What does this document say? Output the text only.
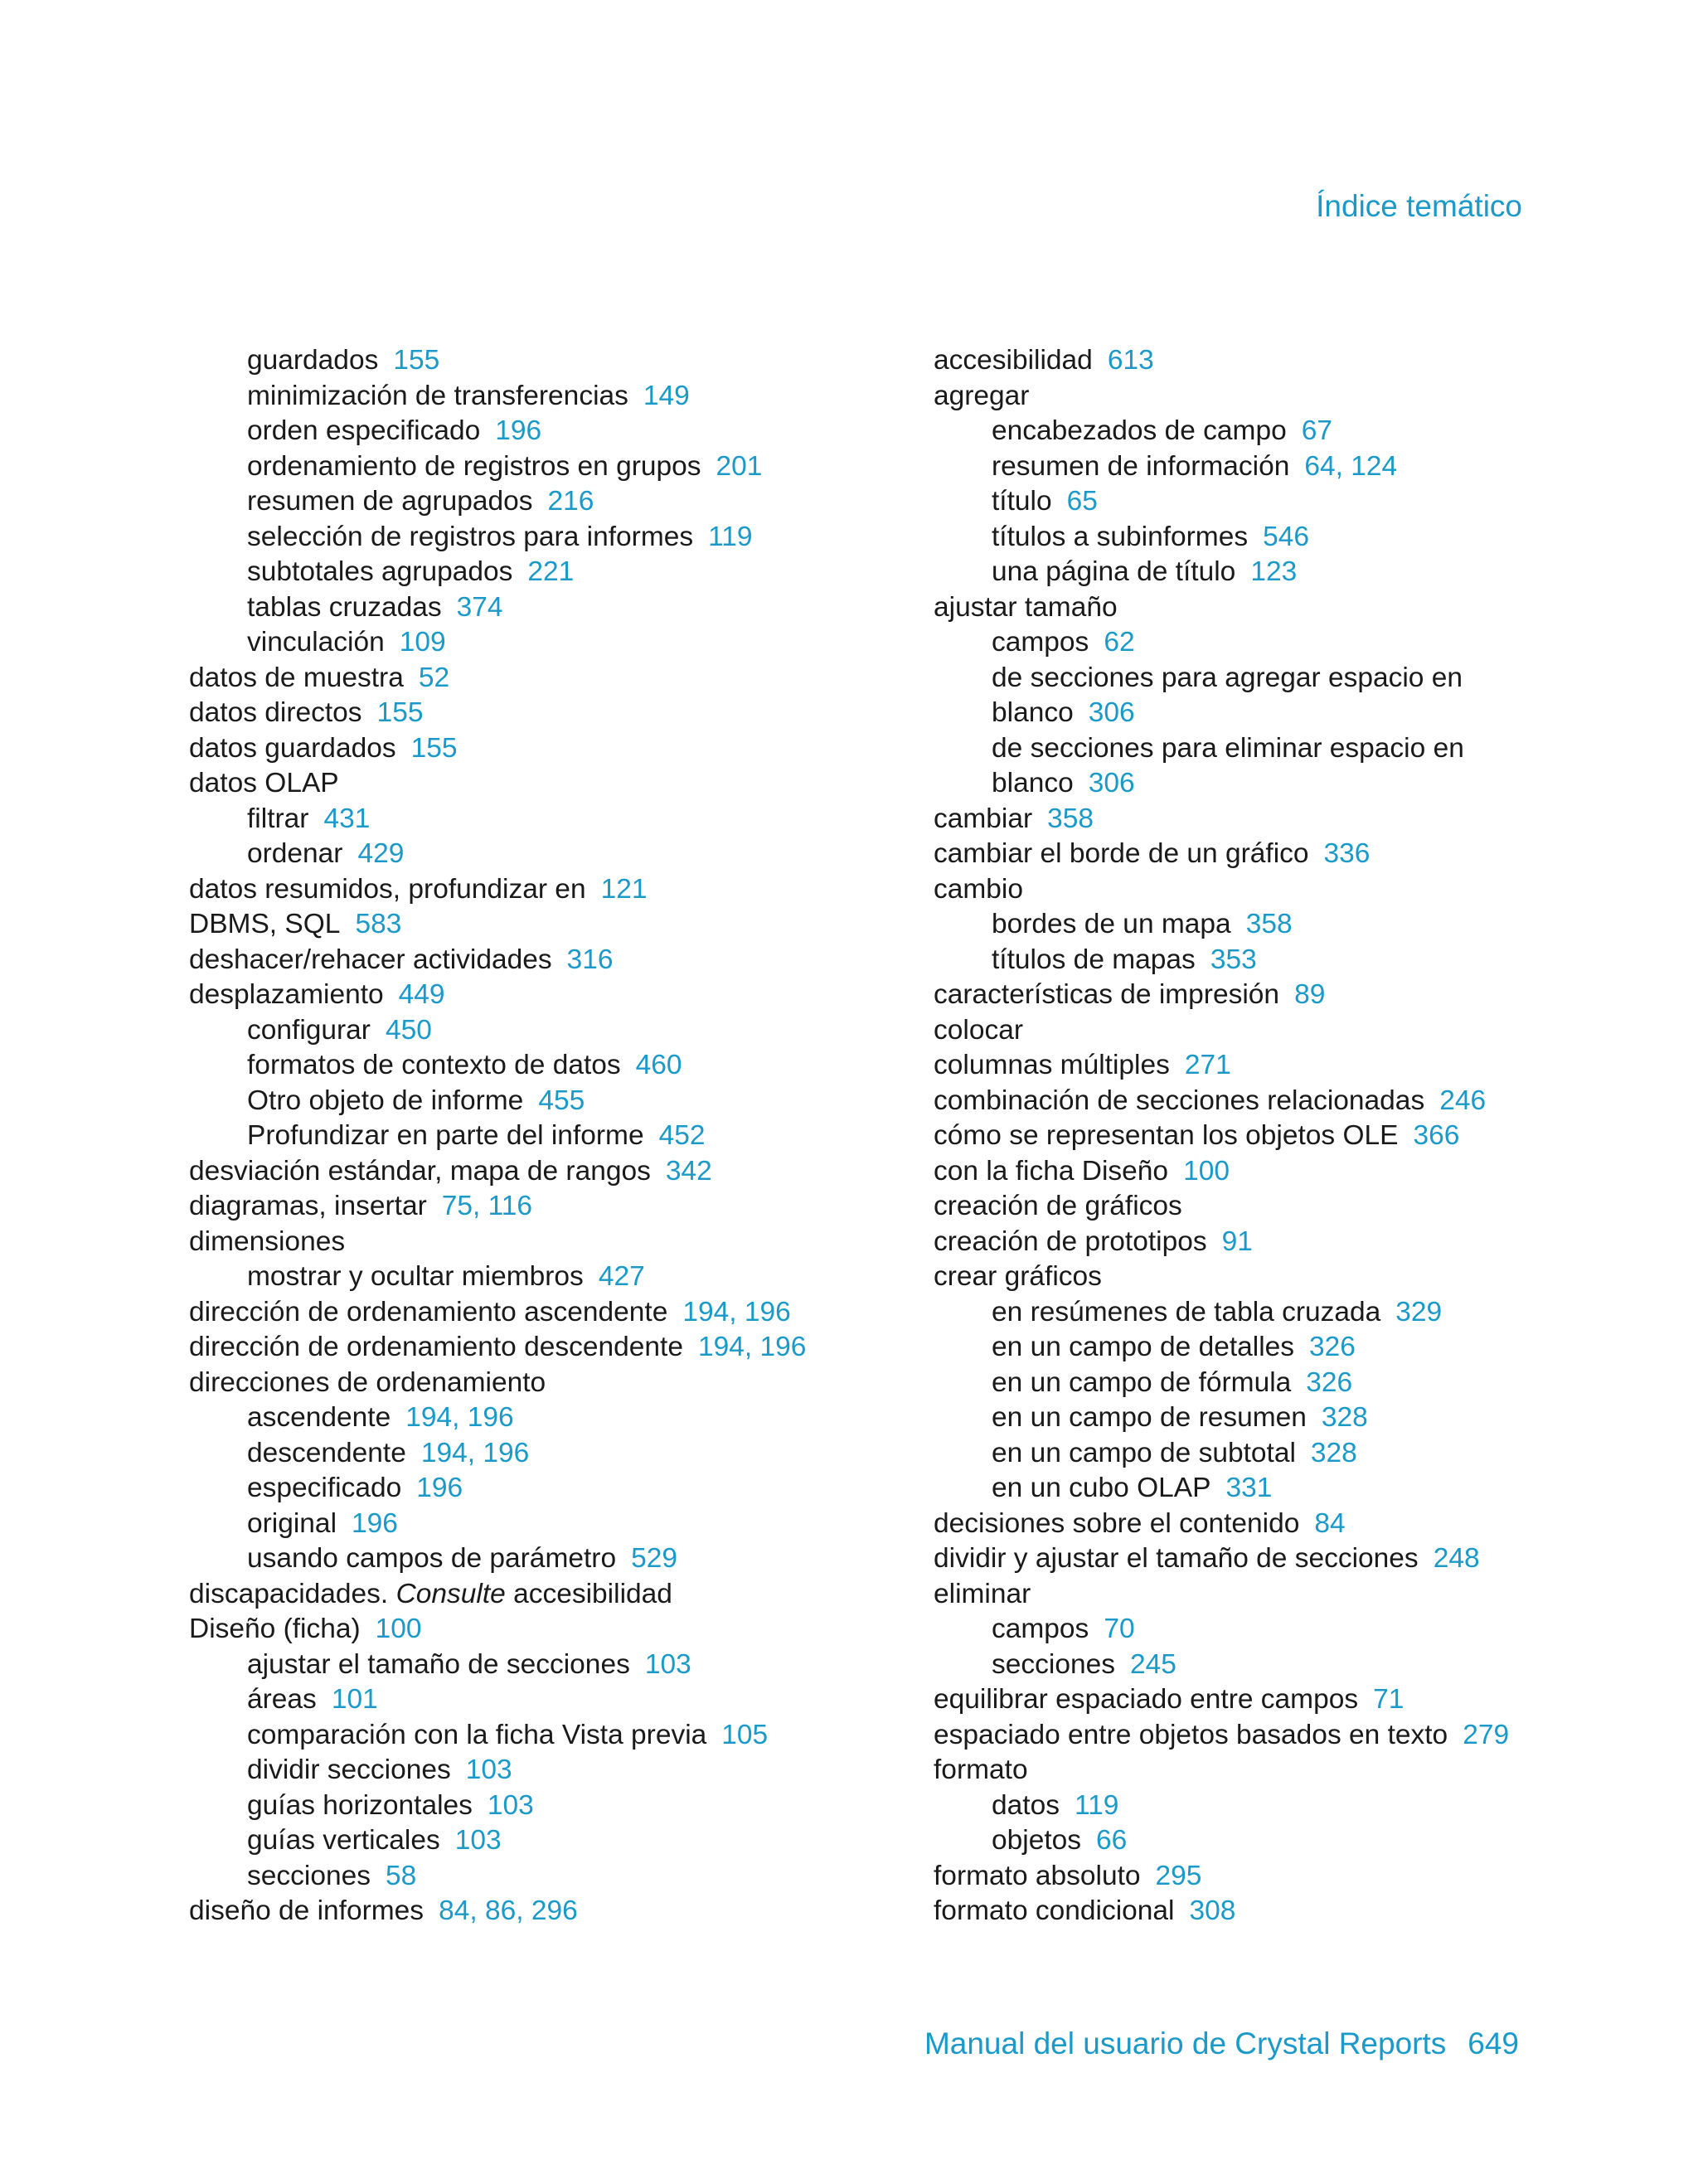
Índice temático
guardados 155
minimización de transferencias 149
orden especificado 196
ordenamiento de registros en grupos 201
resumen de agrupados 216
selección de registros para informes 119
subtotales agrupados 221
tablas cruzadas 374
vinculación 109
datos de muestra 52
datos directos 155
datos guardados 155
datos OLAP
filtrar 431
ordenar 429
datos resumidos, profundizar en 121
DBMS, SQL 583
deshacer/rehacer actividades 316
desplazamiento 449
configurar 450
formatos de contexto de datos 460
Otro objeto de informe 455
Profundizar en parte del informe 452
desviación estándar, mapa de rangos 342
diagramas, insertar 75, 116
dimensiones
mostrar y ocultar miembros 427
dirección de ordenamiento ascendente 194, 196
dirección de ordenamiento descendente 194, 196
direcciones de ordenamiento
ascendente 194, 196
descendente 194, 196
especificado 196
original 196
usando campos de parámetro 529
discapacidades. Consulte accesibilidad
Diseño (ficha) 100
ajustar el tamaño de secciones 103
áreas 101
comparación con la ficha Vista previa 105
dividir secciones 103
guías horizontales 103
guías verticales 103
secciones 58
diseño de informes 84, 86, 296
accesibilidad 613
agregar
encabezados de campo 67
resumen de información 64, 124
título 65
títulos a subinformes 546
una página de título 123
ajustar tamaño
campos 62
de secciones para agregar espacio en
blanco 306
de secciones para eliminar espacio en
blanco 306
cambiar 358
cambiar el borde de un gráfico 336
cambio
bordes de un mapa 358
títulos de mapas 353
características de impresión 89
colocar
columnas múltiples 271
combinación de secciones relacionadas 246
cómo se representan los objetos OLE 366
con la ficha Diseño 100
creación de gráficos
creación de prototipos 91
crear gráficos
en resúmenes de tabla cruzada 329
en un campo de detalles 326
en un campo de fórmula 326
en un campo de resumen 328
en un campo de subtotal 328
en un cubo OLAP 331
decisiones sobre el contenido 84
dividir y ajustar el tamaño de secciones 248
eliminar
campos 70
secciones 245
equilibrar espaciado entre campos 71
espaciado entre objetos basados en texto 279
formato
datos 119
objetos 66
formato absoluto 295
formato condicional 308
Manual del usuario de Crystal Reports 649
